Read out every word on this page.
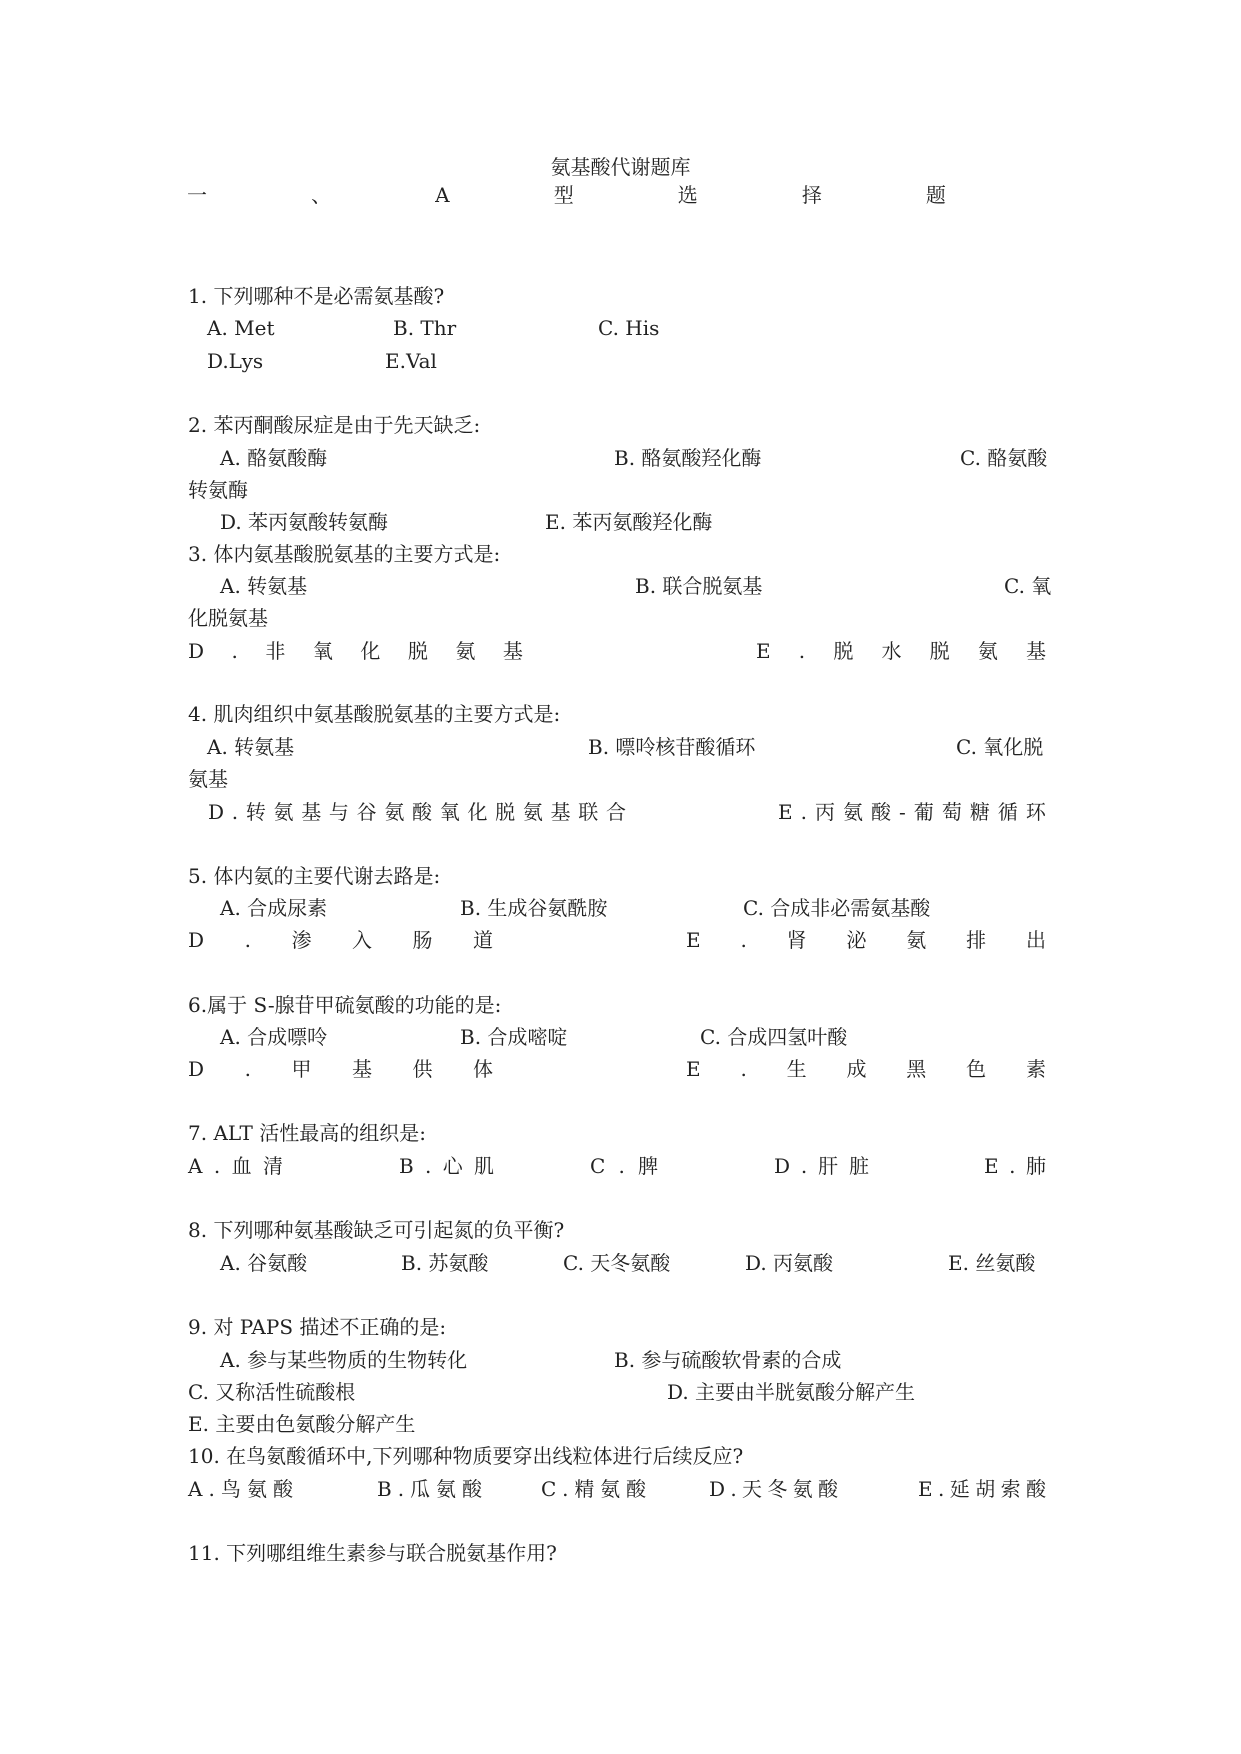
氨基酸代谢题库
一	、	A	型	选	择	题
1. 下列哪种不是必需氨基酸?
A. Met	B. Thr	C. His
D.Lys	E.Val
2. 苯丙酮酸尿症是由于先天缺乏:
A. 酪氨酸酶	B. 酪氨酸羟化酶	C. 酪氨酸
转氨酶
D. 苯丙氨酸转氨酶	E. 苯丙氨酸羟化酶
3. 体内氨基酸脱氨基的主要方式是:
A. 转氨基	B. 联合脱氨基	C. 氧
化脱氨基
D . 非 氧 化 脱 氨 基	E . 脱 水 脱 氨 基
4. 肌肉组织中氨基酸脱氨基的主要方式是:
A. 转氨基	B. 嘌呤核苷酸循环	C. 氧化脱
氨基
D . 转 氨 基 与 谷 氨 酸 氧 化 脱 氨 基 联 合	E . 丙 氨 酸 - 葡 萄 糖 循 环
5. 体内氨的主要代谢去路是:
A. 合成尿素	B. 生成谷氨酰胺	C. 合成非必需氨基酸
D . 渗 入 肠 道	E . 肾 泌 氨 排 出
6.属于 S-腺苷甲硫氨酸的功能的是:
A. 合成嘌呤	B. 合成嘧啶	C. 合成四氢叶酸
D . 甲 基 供 体	E . 生 成 黑 色 素
7. ALT 活性最高的组织是:
A . 血 清	B . 心 肌	C . 脾	D . 肝 脏	E . 肺
8. 下列哪种氨基酸缺乏可引起氮的负平衡?
A. 谷氨酸	B. 苏氨酸	C. 天冬氨酸	D. 丙氨酸	E. 丝氨酸
9. 对 PAPS 描述不正确的是:
A. 参与某些物质的生物转化	B. 参与硫酸软骨素的合成
C. 又称活性硫酸根	D. 主要由半胱氨酸分解产生
E. 主要由色氨酸分解产生
10. 在鸟氨酸循环中,下列哪种物质要穿出线粒体进行后续反应?
A . 鸟 氨 酸	B . 瓜 氨 酸	C . 精 氨 酸	D . 天 冬 氨 酸	E . 延 胡 索 酸
11. 下列哪组维生素参与联合脱氨基作用?
